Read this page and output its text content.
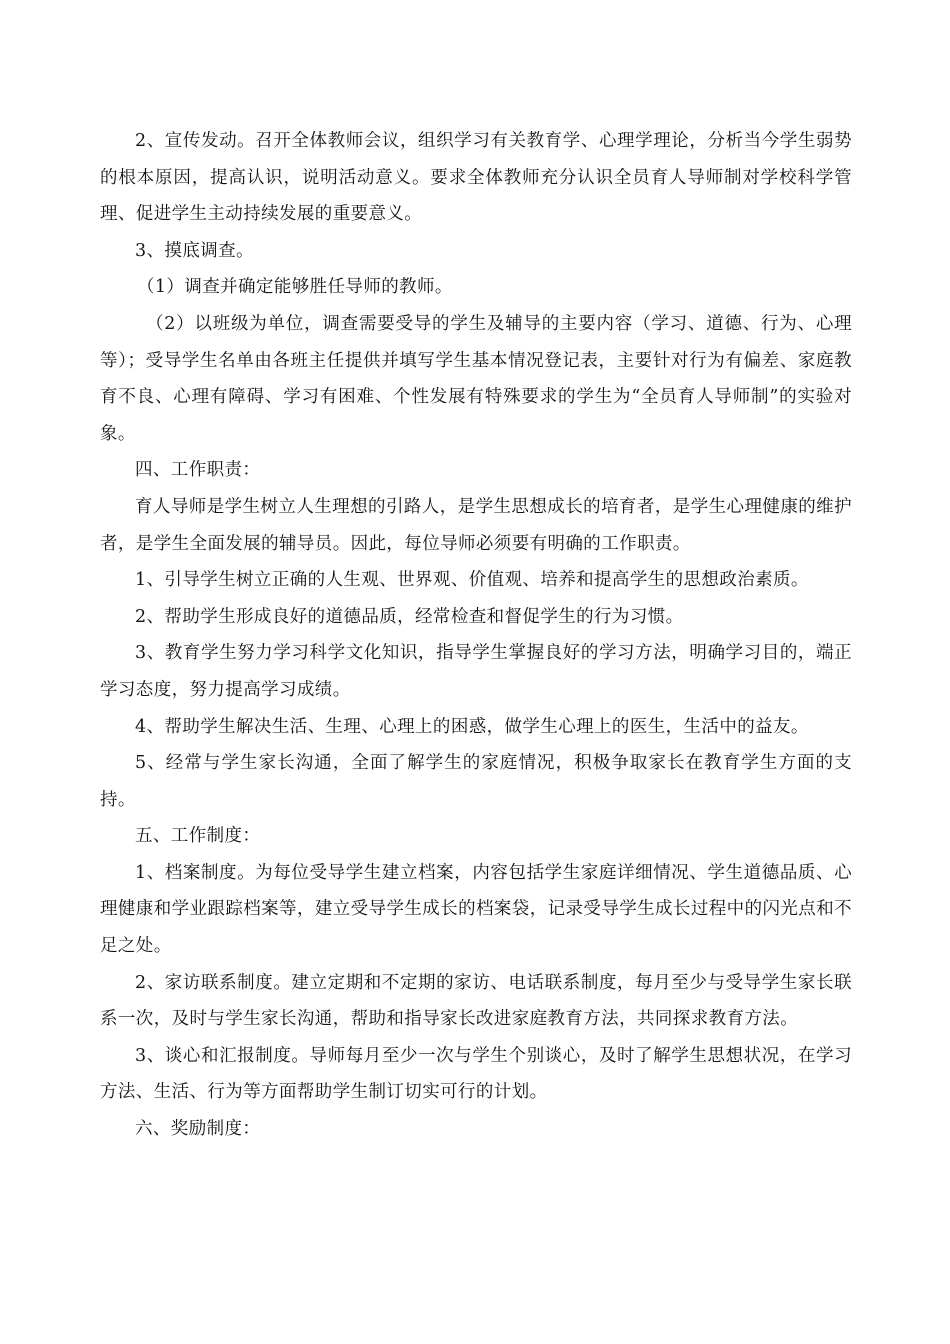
2、宣传发动。召开全体教师会议，组织学习有关教育学、心理学理论，分析当今学生弱势的根本原因，提高认识，说明活动意义。要求全体教师充分认识全员育人导师制对学校科学管理、促进学生主动持续发展的重要意义。

3、摸底调查。

（1）调查并确定能够胜任导师的教师。

（2）以班级为单位，调查需要受导的学生及辅导的主要内容（学习、道德、行为、心理等）；受导学生名单由各班主任提供并填写学生基本情况登记表，主要针对行为有偏差、家庭教育不良、心理有障碍、学习有困难、个性发展有特殊要求的学生为“全员育人导师制”的实验对象。

四、工作职责：

育人导师是学生树立人生理想的引路人，是学生思想成长的培育者，是学生心理健康的维护者，是学生全面发展的辅导员。因此，每位导师必须要有明确的工作职责。

1、引导学生树立正确的人生观、世界观、价值观、培养和提高学生的思想政治素质。

2、帮助学生形成良好的道德品质，经常检查和督促学生的行为习惯。

3、教育学生努力学习科学文化知识，指导学生掌握良好的学习方法，明确学习目的，端正学习态度，努力提高学习成绩。

4、帮助学生解决生活、生理、心理上的困惑，做学生心理上的医生，生活中的益友。

5、经常与学生家长沟通，全面了解学生的家庭情况，积极争取家长在教育学生方面的支持。

五、工作制度：

1、档案制度。为每位受导学生建立档案，内容包括学生家庭详细情况、学生道德品质、心理健康和学业跟踪档案等，建立受导学生成长的档案袋，记录受导学生成长过程中的闪光点和不足之处。

2、家访联系制度。建立定期和不定期的家访、电话联系制度，每月至少与受导学生家长联系一次，及时与学生家长沟通，帮助和指导家长改进家庭教育方法，共同探求教育方法。

3、谈心和汇报制度。导师每月至少一次与学生个别谈心，及时了解学生思想状况，在学习方法、生活、行为等方面帮助学生制订切实可行的计划。

六、奖励制度：
